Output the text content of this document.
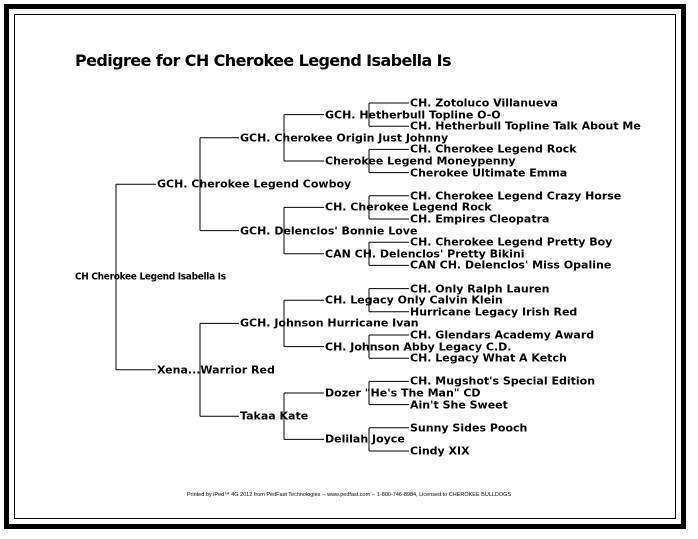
Pedigree for CH Cherokee Legend Isabella Is
CH. Zotoluco Villanueva
CH. Hetherbull Topline Talk About Me
GCH. Hetherbull Topline O-O
CH. Cherokee Legend Rock
Cherokee Ultimate Emma
Cherokee Legend Moneypenny
GCH. Cherokee Origin Just Johnny
CH. Cherokee Legend Crazy Horse
CH. Empires Cleopatra
CH. Cherokee Legend Rock
CH. Cherokee Legend Pretty Boy
CAN CH. Delenclos' Miss Opaline
CAN CH. Delenclos' Pretty Bikini
GCH. Delenclos' Bonnie Love
GCH. Cherokee Legend Cowboy
CH. Only Ralph Lauren
Hurricane Legacy Irish Red
CH. Legacy Only Calvin Klein
CH. Glendars Academy Award
CH. Legacy What A Ketch
CH. Johnson Abby Legacy C.D.
GCH. Johnson Hurricane Ivan
CH. Mugshot's Special Edition
Ain't She Sweet
Dozer "He's The Man" CD
Sunny Sides Pooch
Cindy XIX
Delilah Joyce
Takaa Kate
Xena...Warrior Red
CH Cherokee Legend Isabella Is
Printed by iPed™ 4G 2012 from PedFast Technologies -- www.pedfast.com -- 1-800-746-8984, Licensed to CHEROKEE BULLDOGS
